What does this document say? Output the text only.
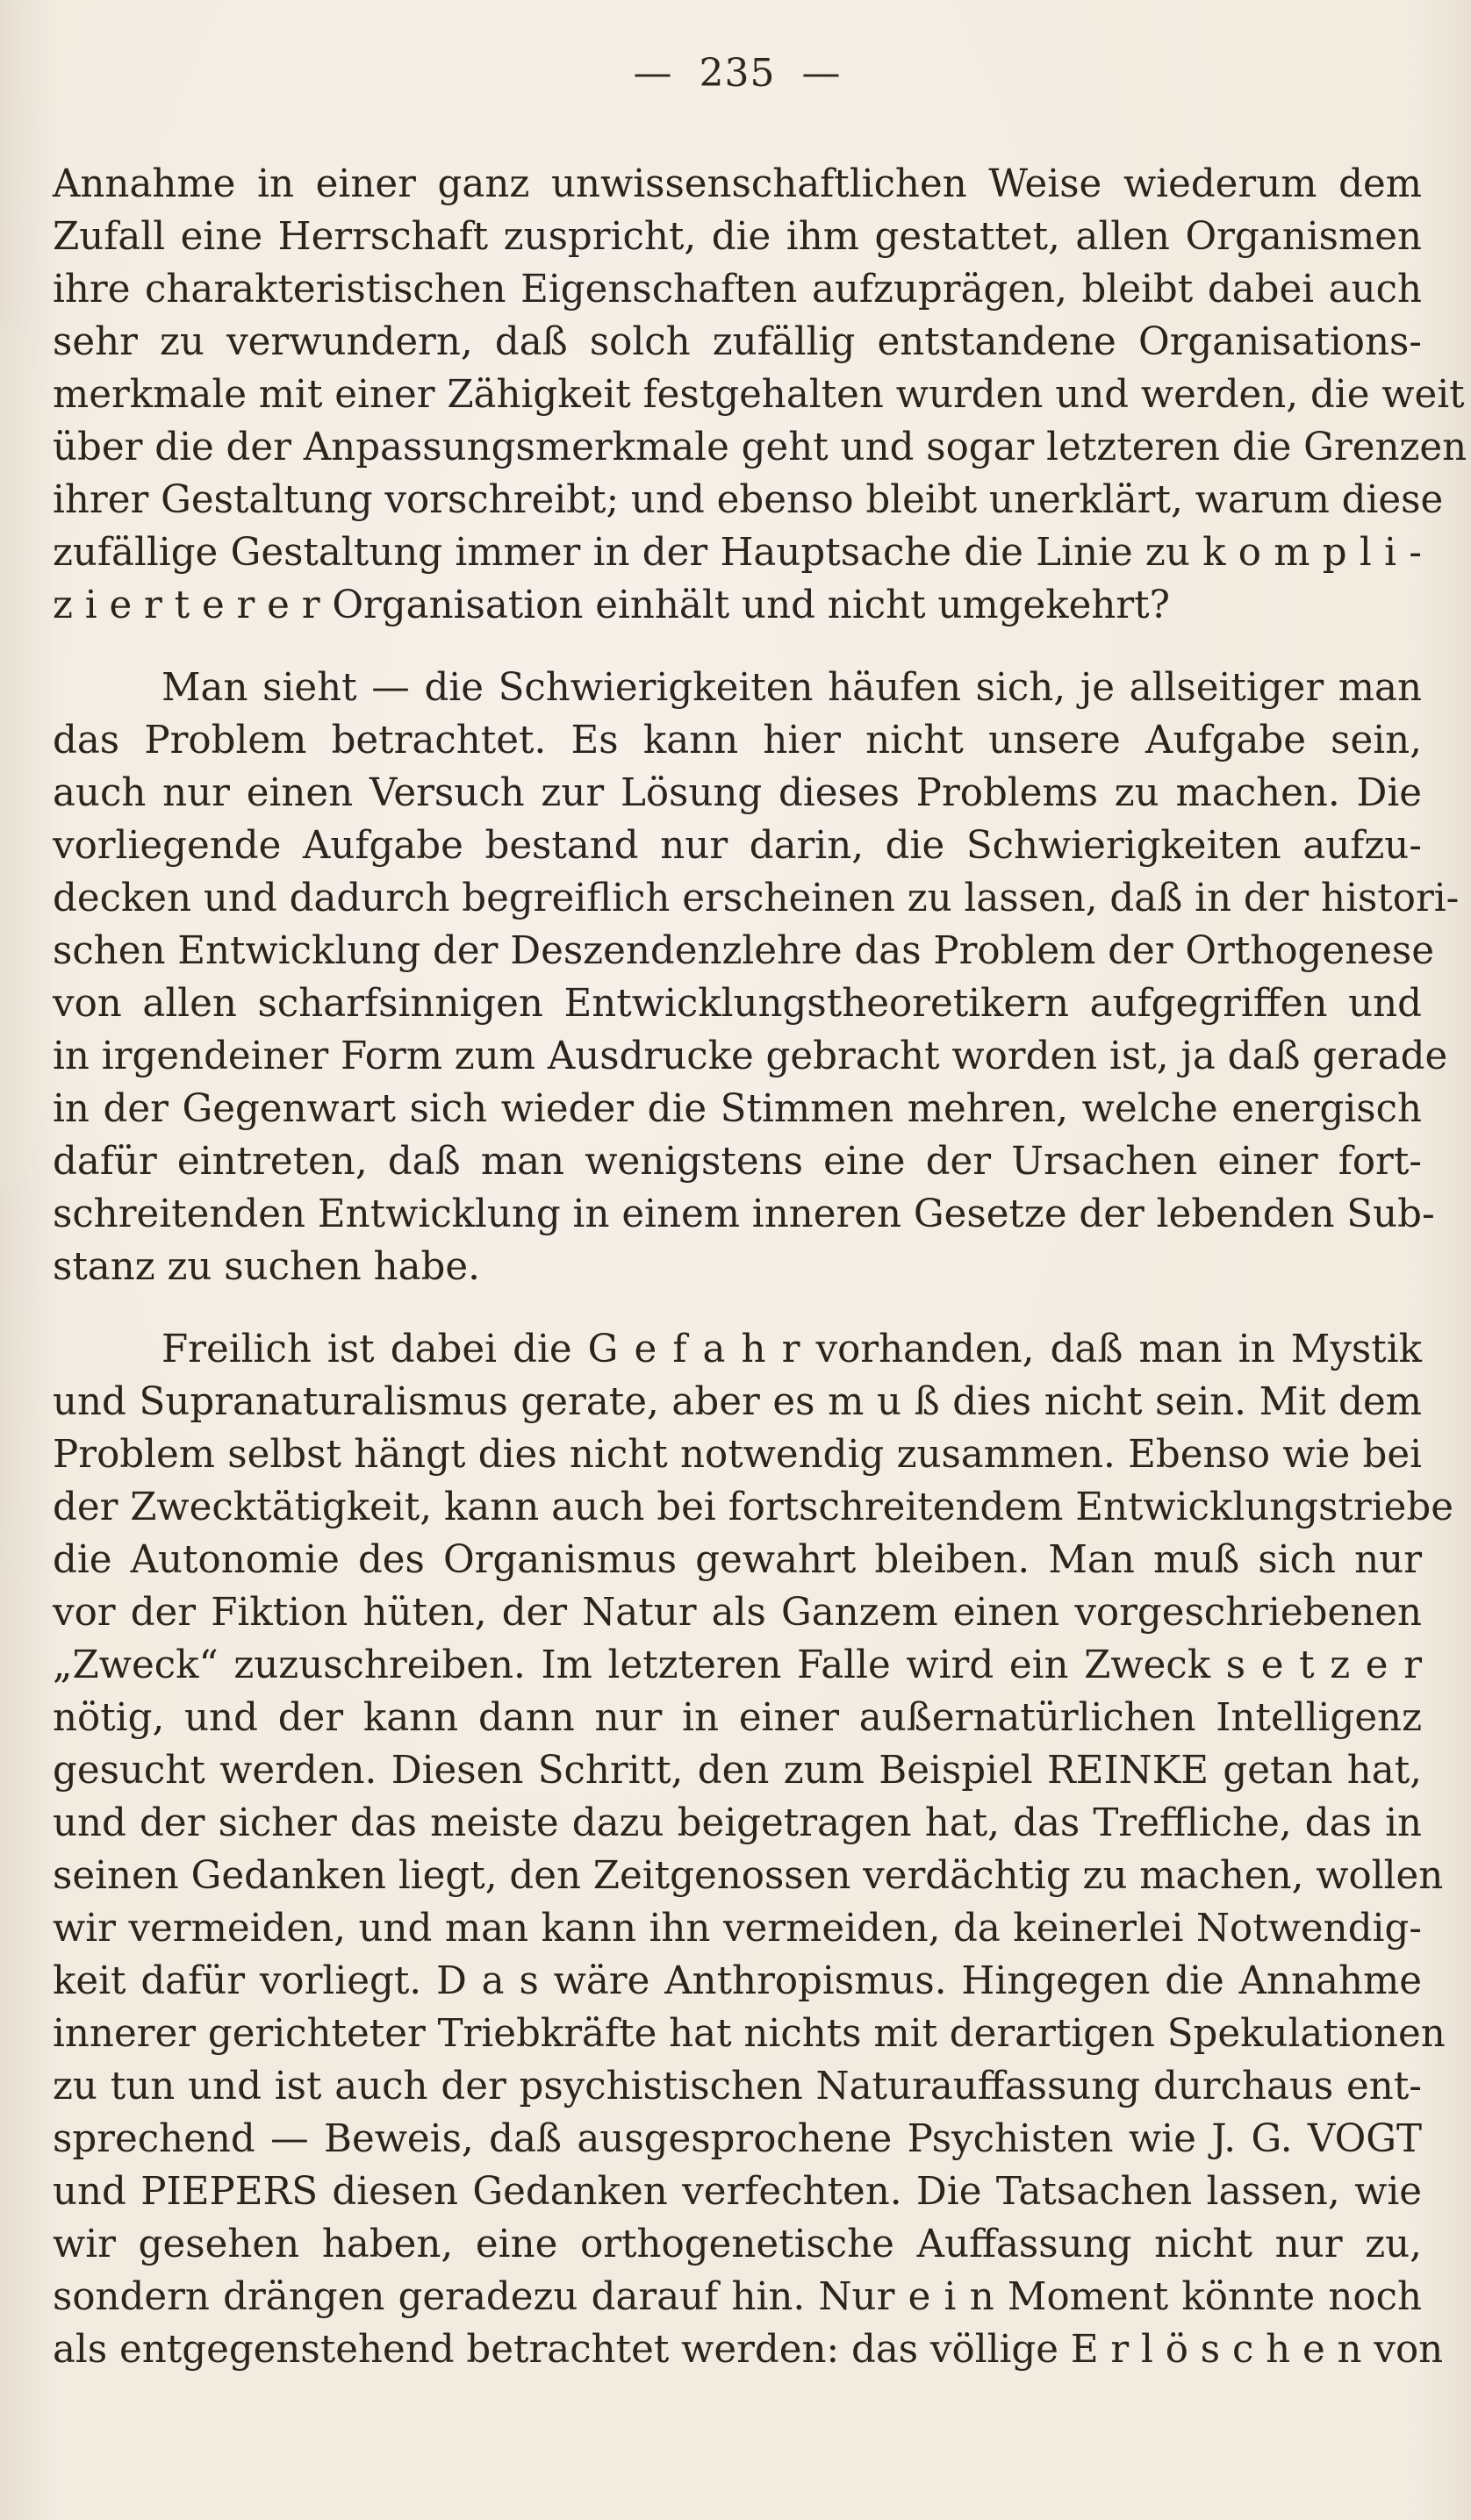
— 235 —
Annahme in einer ganz unwissenschaftlichen Weise wiederum dem
Zufall eine Herrschaft zuspricht, die ihm gestattet, allen Organismen
ihre charakteristischen Eigenschaften aufzuprägen, bleibt dabei auch
sehr zu verwundern, daß solch zufällig entstandene Organisations-
merkmale mit einer Zähigkeit festgehalten wurden und werden, die weit
über die der Anpassungsmerkmale geht und sogar letzteren die Grenzen
ihrer Gestaltung vorschreibt; und ebenso bleibt unerklärt, warum diese
zufällige Gestaltung immer in der Hauptsache die Linie zu k o m p l i -
z i e r t e r e r Organisation einhält und nicht umgekehrt?
Man sieht — die Schwierigkeiten häufen sich, je allseitiger man
das Problem betrachtet. Es kann hier nicht unsere Aufgabe sein,
auch nur einen Versuch zur Lösung dieses Problems zu machen. Die
vorliegende Aufgabe bestand nur darin, die Schwierigkeiten aufzu-
decken und dadurch begreiflich erscheinen zu lassen, daß in der histori-
schen Entwicklung der Deszendenzlehre das Problem der Orthogenese
von allen scharfsinnigen Entwicklungstheoretikern aufgegriffen und
in irgendeiner Form zum Ausdrucke gebracht worden ist, ja daß gerade
in der Gegenwart sich wieder die Stimmen mehren, welche energisch
dafür eintreten, daß man wenigstens eine der Ursachen einer fort-
schreitenden Entwicklung in einem inneren Gesetze der lebenden Sub-
stanz zu suchen habe.
Freilich ist dabei die G e f a h r vorhanden, daß man in Mystik
und Supranaturalismus gerate, aber es m u ß dies nicht sein. Mit dem
Problem selbst hängt dies nicht notwendig zusammen. Ebenso wie bei
der Zwecktätigkeit, kann auch bei fortschreitendem Entwicklungstriebe
die Autonomie des Organismus gewahrt bleiben. Man muß sich nur
vor der Fiktion hüten, der Natur als Ganzem einen vorgeschriebenen
„Zweck“ zuzuschreiben. Im letzteren Falle wird ein Zweck s e t z e r
nötig, und der kann dann nur in einer außernatürlichen Intelligenz
gesucht werden. Diesen Schritt, den zum Beispiel REINKE getan hat,
und der sicher das meiste dazu beigetragen hat, das Treffliche, das in
seinen Gedanken liegt, den Zeitgenossen verdächtig zu machen, wollen
wir vermeiden, und man kann ihn vermeiden, da keinerlei Notwendig-
keit dafür vorliegt. D a s wäre Anthropismus. Hingegen die Annahme
innerer gerichteter Triebkräfte hat nichts mit derartigen Spekulationen
zu tun und ist auch der psychistischen Naturauffassung durchaus ent-
sprechend — Beweis, daß ausgesprochene Psychisten wie J. G. VOGT
und PIEPERS diesen Gedanken verfechten. Die Tatsachen lassen, wie
wir gesehen haben, eine orthogenetische Auffassung nicht nur zu,
sondern drängen geradezu darauf hin. Nur e i n Moment könnte noch
als entgegenstehend betrachtet werden: das völlige E r l ö s c h e n von
